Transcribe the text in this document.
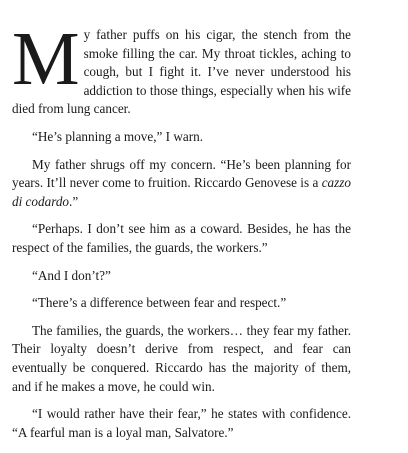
My father puffs on his cigar, the stench from the smoke filling the car. My throat tickles, aching to cough, but I fight it. I’ve never understood his addiction to those things, especially when his wife died from lung cancer.

“He’s planning a move,” I warn.

My father shrugs off my concern. “He’s been planning for years. It’ll never come to fruition. Riccardo Genovese is a cazzo di codardo.”

“Perhaps. I don’t see him as a coward. Besides, he has the respect of the families, the guards, the workers.”

“And I don’t?”

“There’s a difference between fear and respect.”

The families, the guards, the workers… they fear my father. Their loyalty doesn’t derive from respect, and fear can eventually be conquered. Riccardo has the majority of them, and if he makes a move, he could win.

“I would rather have their fear,” he states with confidence. “A fearful man is a loyal man, Salvatore.”
